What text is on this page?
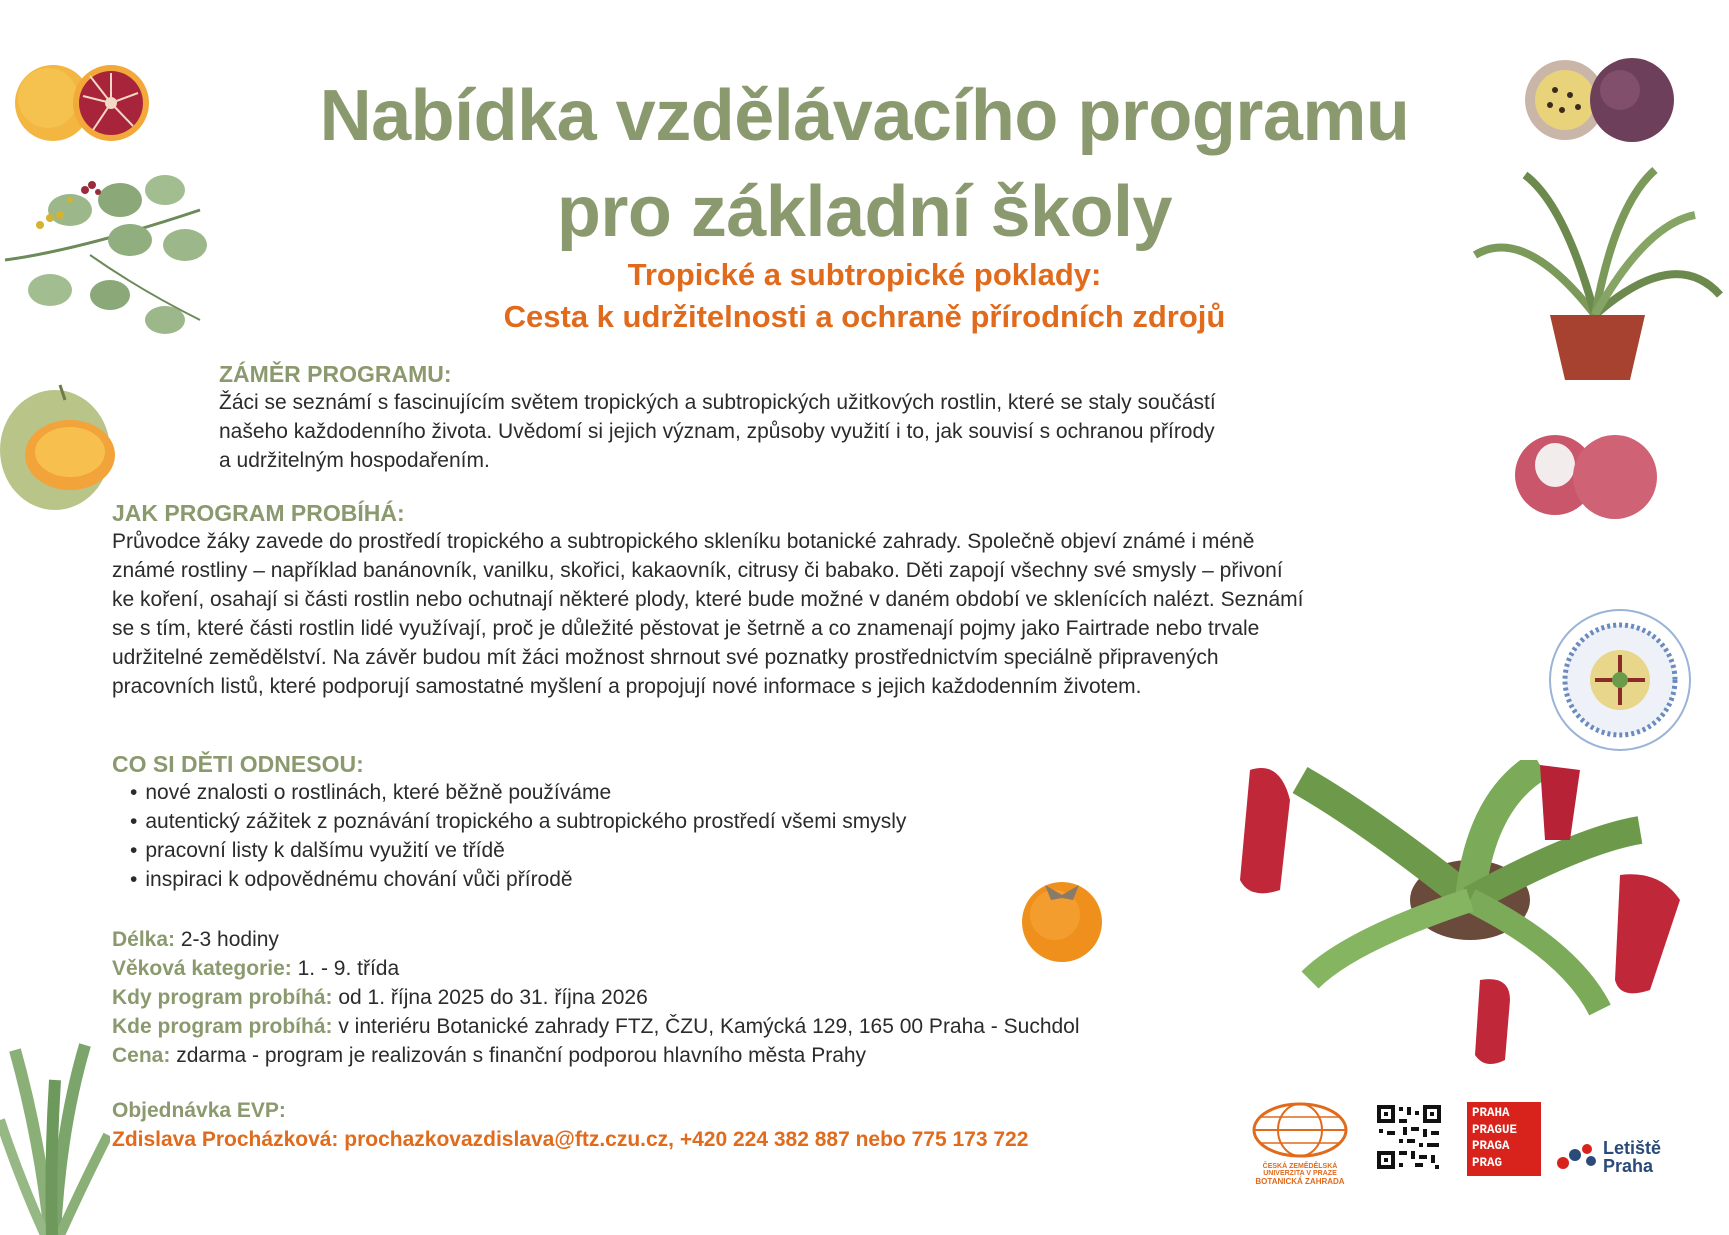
Nabídka vzdělávacího programu
pro základní školy
Tropické a subtropické poklady:
Cesta k udržitelnosti a ochraně přírodních zdrojů
ZÁMĚR PROGRAMU:
Žáci se seznámí s fascinujícím světem tropických a subtropických užitkových rostlin, které se staly součástí
našeho každodenního života. Uvědomí si jejich význam, způsoby využití i to, jak souvisí s ochranou přírody
a udržitelným hospodařením.
JAK PROGRAM PROBÍHÁ:
Průvodce žáky zavede do prostředí tropického a subtropického skleníku botanické zahrady. Společně objeví známé i méně
známé rostliny – například banánovník, vanilku, skořici, kakaovník, citrusy či babako. Děti zapojí všechny své smysly – přivoní
ke koření, osahají si části rostlin nebo ochutnají některé plody, které bude možné v daném období ve sklenících nalézt. Seznámí
se s tím, které části rostlin lidé využívají, proč je důležité pěstovat je šetrně a co znamenají pojmy jako Fairtrade nebo trvale
udržitelné zemědělství. Na závěr budou mít žáci možnost shrnout své poznatky prostřednictvím speciálně připravených
pracovních listů, které podporují samostatné myšlení a propojují nové informace s jejich každodenním životem.
CO SI DĚTI ODNESOU:
• nové znalosti o rostlinách, které běžně používáme
• autentický zážitek z poznávání tropického a subtropického prostředí všemi smysly
• pracovní listy k dalšímu využití ve třídě
• inspiraci k odpovědnému chování vůči přírodě
Délka: 2-3 hodiny
Věková kategorie: 1. - 9. třída
Kdy program probíhá: od 1. října 2025 do 31. října 2026
Kde program probíhá: v interiéru Botanické zahrady FTZ, ČZU, Kamýcká 129, 165 00 Praha - Suchdol
Cena: zdarma - program je realizován s finanční podporou hlavního města Prahy
Objednávka EVP:
Zdislava Procházková: prochazkovazdislava@ftz.czu.cz, +420 224 382 887 nebo 775 173 722
ČESKÁ ZEMĚDĚLSKÁ UNIVERZITA V PRAZE
BOTANICKÁ ZAHRADA
PRAHA
PRAGUE
PRAGA
PRAG
Letiště
Praha
